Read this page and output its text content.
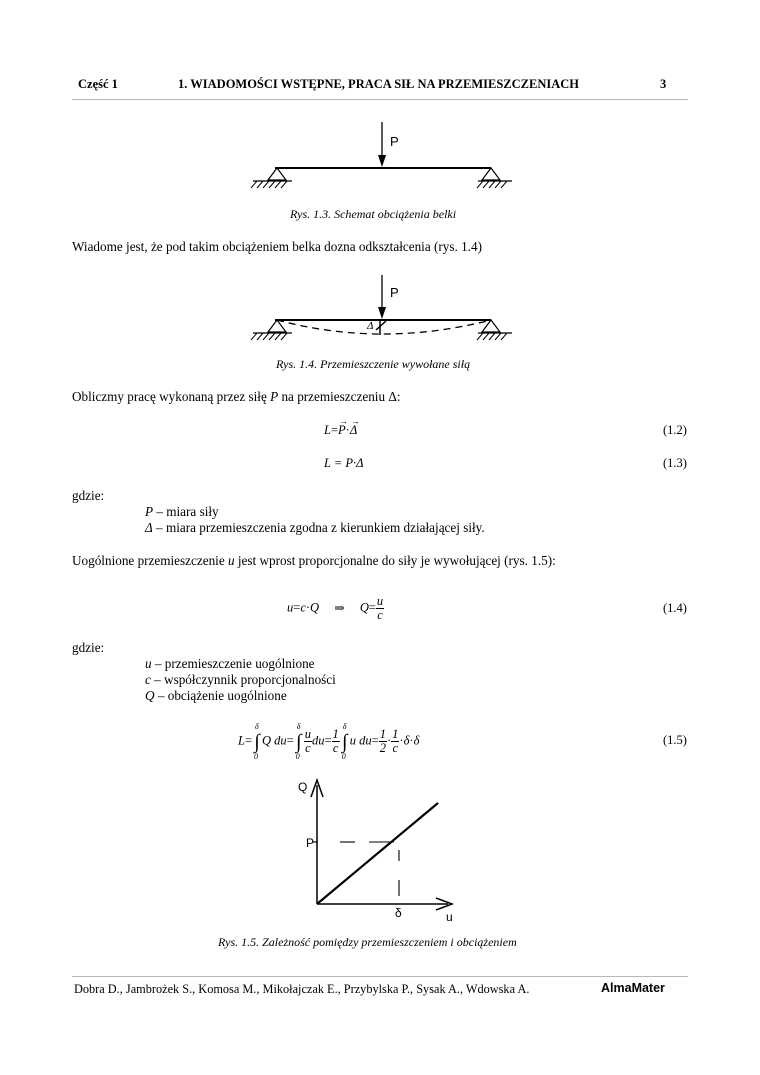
Część 1	1. WIADOMOŚCI WSTĘPNE, PRACA SIŁ NA PRZEMIESZCZENIACH	3
P
Rys. 1.3. Schemat obciążenia belki
Wiadome jest, że pod takim obciążeniem belka dozna odkształcenia (rys. 1.4)
P
Δ
Rys. 1.4. Przemieszczenie wywołane siłą
Obliczmy pracę wykonaną przez siłę P na przemieszczeniu Δ:
L=P
→
·Δ
→
(1.2)
L = P·Δ	(1.3)
gdzie:
P – miara siły
Δ – miara przemieszczenia zgodna z kierunkiem działającej siły.
Uogólnione przemieszczenie u jest wprost proporcjonalne do siły je wywołującej (rys. 1.5):
u=c·Q ⇒ $Q= \frac{u}{c}$	(1.4)
gdzie:
u – przemieszczenie uogólnione
c – współczynnik proporcjonalności
Q – obciążenie uogólnione
L= ∫
δ
0
Q du= ∫
δ
0
$\frac{u}{c} du= \frac{1}{c}$ ∫
δ
0
u $du= \frac{1}{2} \cdot \frac{1}{c} \cdot\delta\cdot\delta$	(1.5)
Q
P
δ	u
Rys. 1.5. Zależność pomiędzy przemieszczeniem i obciążeniem
Dobra D., Jambrożek S., Komosa M., Mikołajczak E., Przybylska P., Sysak A., Wdowska A.	AlmaMater
